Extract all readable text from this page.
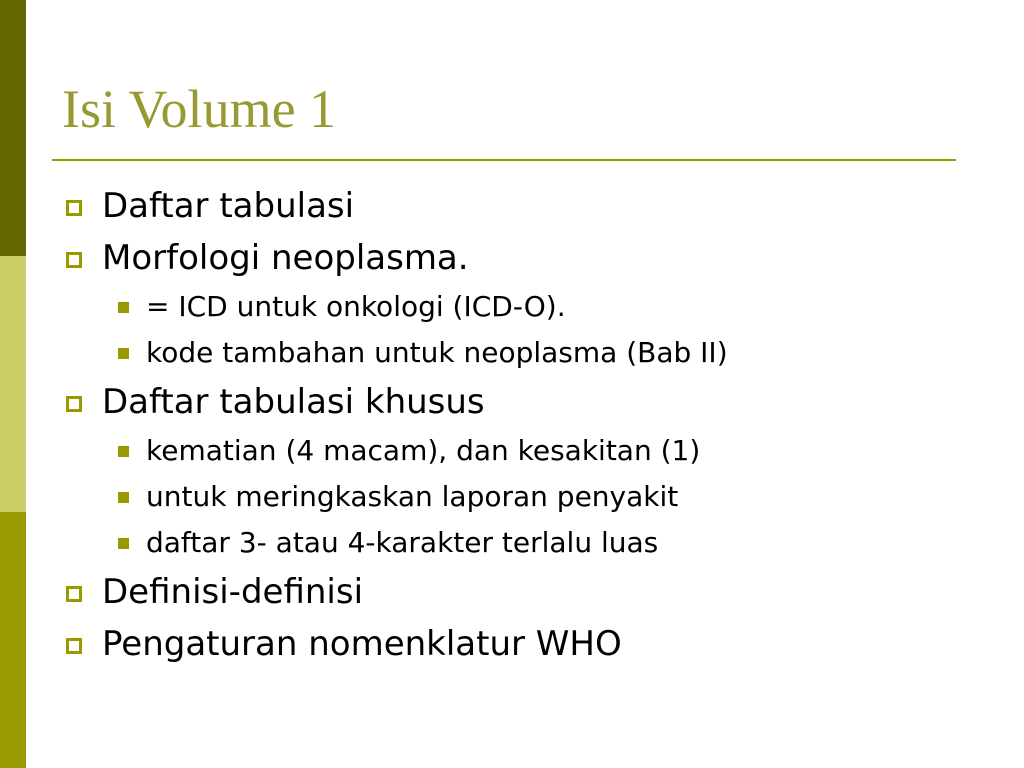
Isi Volume 1
Daftar tabulasi
Morfologi neoplasma.
= ICD untuk onkologi (ICD-O).
kode tambahan untuk neoplasma (Bab II)
Daftar tabulasi khusus
kematian (4 macam), dan kesakitan (1)
untuk meringkaskan laporan penyakit
daftar 3- atau 4-karakter terlalu luas
Definisi-definisi
Pengaturan nomenklatur WHO
